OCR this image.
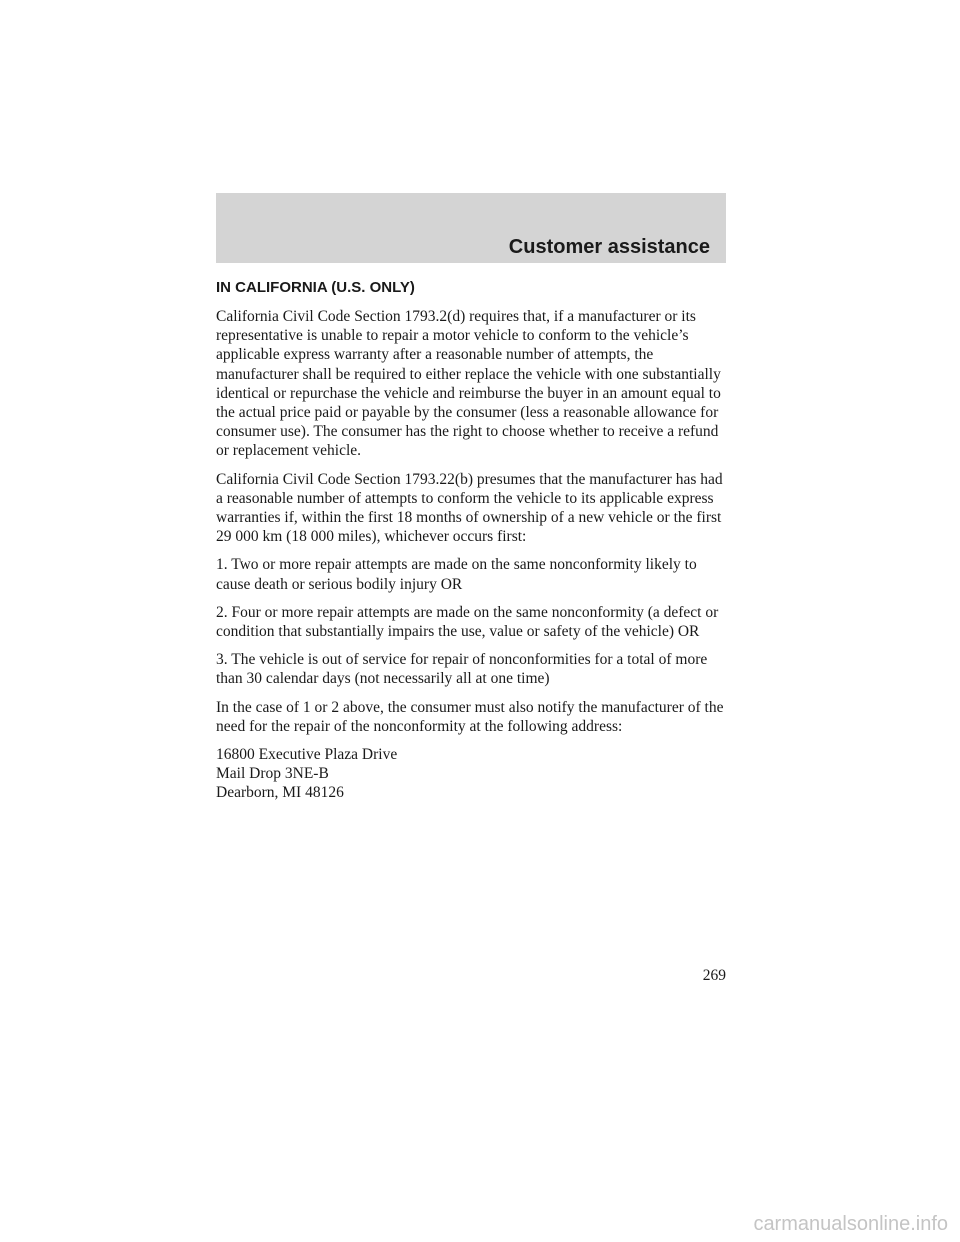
Customer assistance
IN CALIFORNIA (U.S. ONLY)

California Civil Code Section 1793.2(d) requires that, if a manufacturer or its representative is unable to repair a motor vehicle to conform to the vehicle’s applicable express warranty after a reasonable number of attempts, the manufacturer shall be required to either replace the vehicle with one substantially identical or repurchase the vehicle and reimburse the buyer in an amount equal to the actual price paid or payable by the consumer (less a reasonable allowance for consumer use). The consumer has the right to choose whether to receive a refund or replacement vehicle.

California Civil Code Section 1793.22(b) presumes that the manufacturer has had a reasonable number of attempts to conform the vehicle to its applicable express warranties if, within the first 18 months of ownership of a new vehicle or the first 29 000 km (18 000 miles), whichever occurs first:

1. Two or more repair attempts are made on the same nonconformity likely to cause death or serious bodily injury OR

2. Four or more repair attempts are made on the same nonconformity (a defect or condition that substantially impairs the use, value or safety of the vehicle) OR

3. The vehicle is out of service for repair of nonconformities for a total of more than 30 calendar days (not necessarily all at one time)

In the case of 1 or 2 above, the consumer must also notify the manufacturer of the need for the repair of the nonconformity at the following address:

16800 Executive Plaza Drive
Mail Drop 3NE-B
Dearborn, MI 48126

269

carmanualsonline.info
